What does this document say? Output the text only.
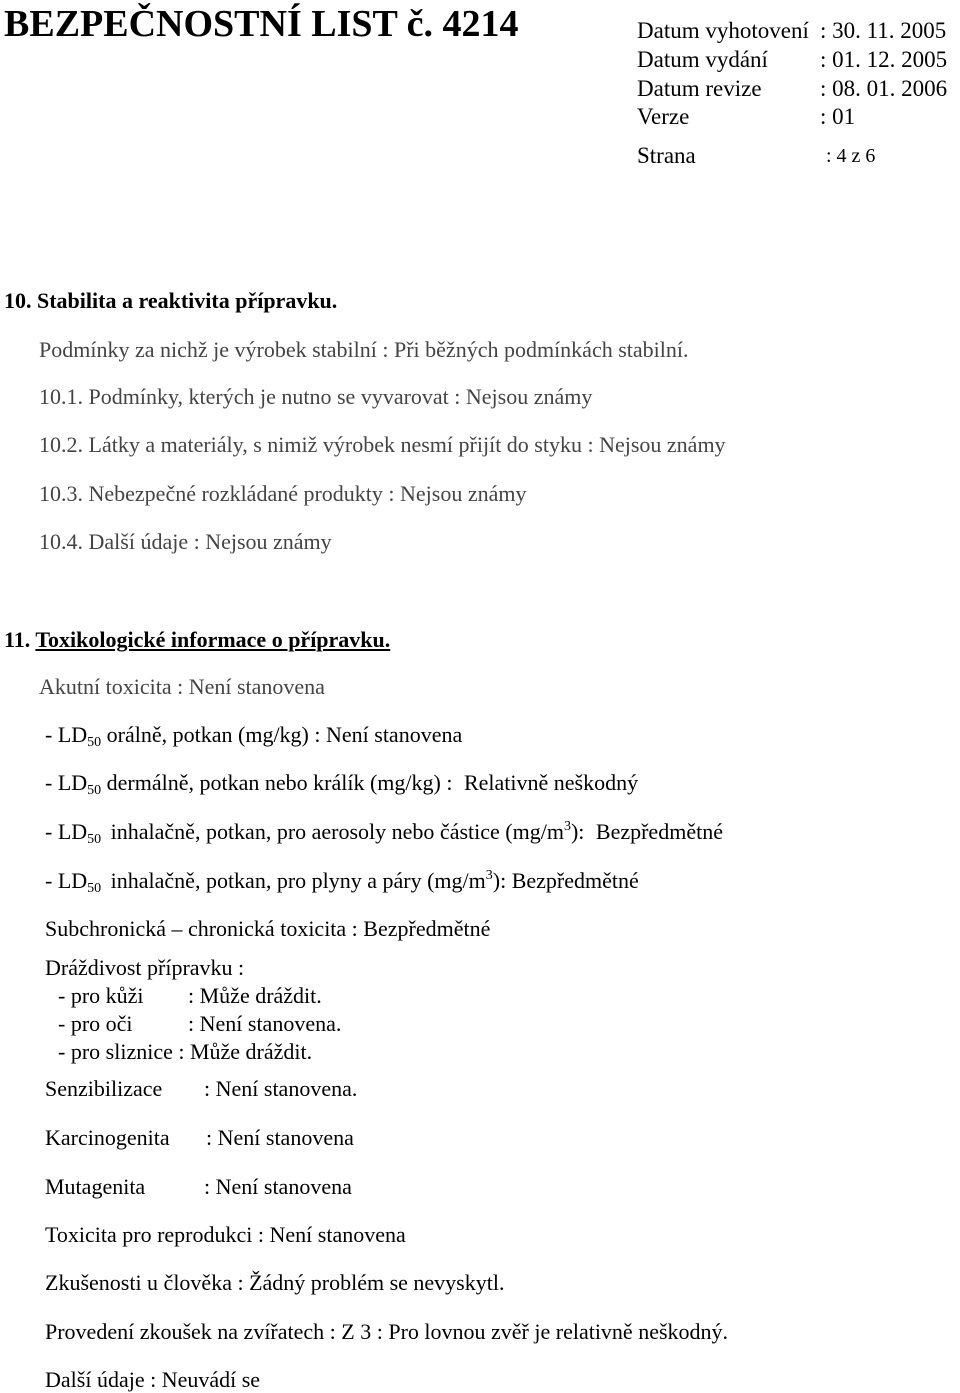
BEZPEČNOSTNÍ LIST č. 4214	Datum vyhotovení : 30. 11. 2005
Datum vydání : 01. 12. 2005
Datum revize	: 08. 01. 2006
Verze	: 01
Strana	: 4 z 6
10. Stabilita a reaktivita přípravku.
Podmínky za nichž je výrobek stabilní : Při běžných podmínkách stabilní.
10.1. Podmínky, kterých je nutno se vyvarovat : Nejsou známy
10.2. Látky a materiály, s nimiž výrobek nesmí přijít do styku : Nejsou známy
10.3. Nebezpečné rozkládané produkty : Nejsou známy
10.4. Další údaje : Nejsou známy
11. Toxikologické informace o přípravku.
Akutní toxicita : Není stanovena
- $LD_{50}$ orálně, potkan (mg/kg) : Není stanovena
- $LD_{50}$ dermálně, potkan nebo králík (mg/kg) : Relativně neškodný
- $LD_{50}$ inhalačně, potkan, pro aerosoly nebo částice $(mg/m^3)$: Bezpředmětné
- $LD_{50}$ inhalačně, potkan, pro plyny a páry $(mg/m^3)$: Bezpředmětné
Subchronická – chronická toxicita : Bezpředmětné
Dráždivost přípravku :
- pro kůži : Může dráždit.
- pro oči	: Není stanovena.
- pro sliznice : Může dráždit.
Senzibilizace : Není stanovena.
Karcinogenita : Není stanovena
Mutagenita	: Není stanovena
Toxicita pro reprodukci : Není stanovena
Zkušenosti u člověka : Žádný problém se nevyskytl.
Provedení zkoušek na zvířatech : Z 3 : Pro lovnou zvěř je relativně neškodný.
Další údaje : Neuvádí se
